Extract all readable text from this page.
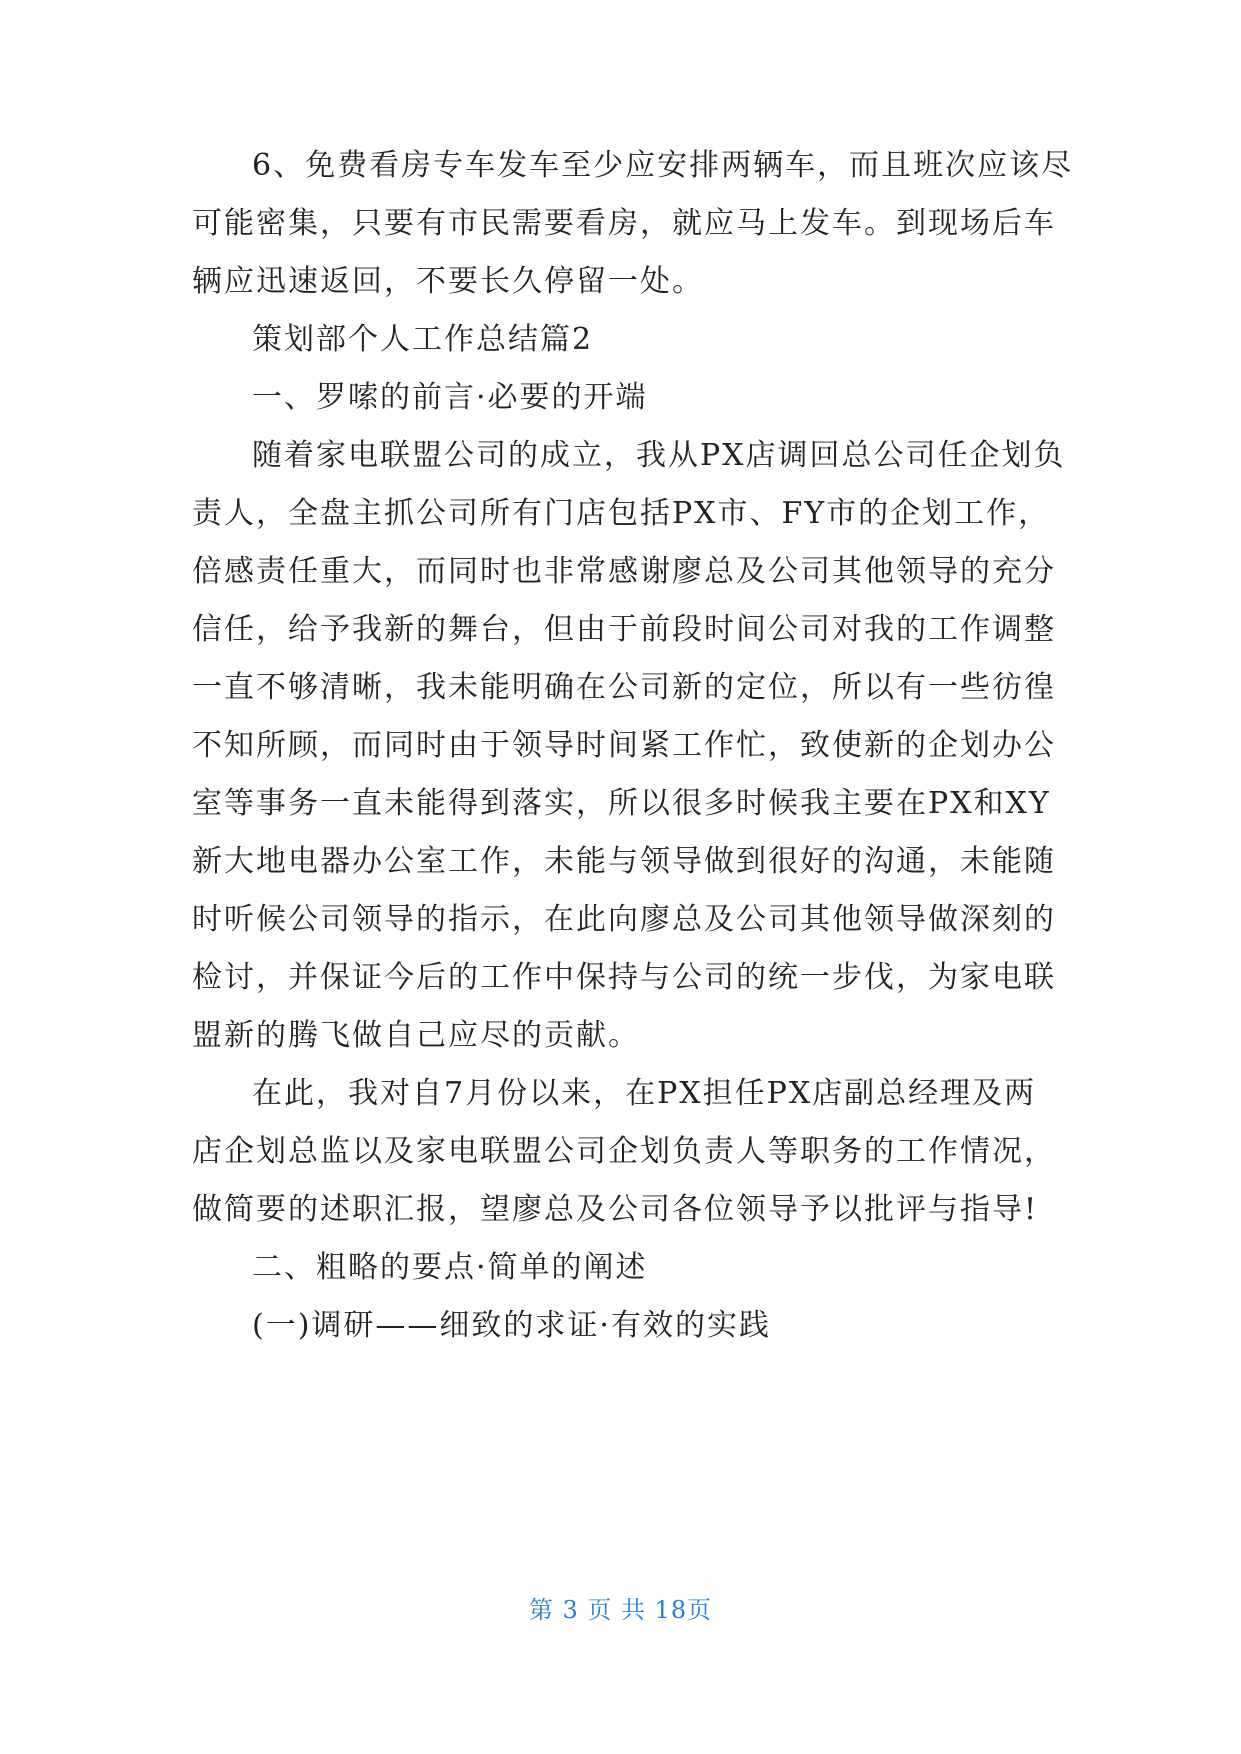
6、免费看房专车发车至少应安排两辆车，而且班次应该尽
可能密集，只要有市民需要看房，就应马上发车。到现场后车
辆应迅速返回，不要长久停留一处。
策划部个人工作总结篇2
一、罗嗦的前言·必要的开端
随着家电联盟公司的成立，我从PX店调回总公司任企划负
责人，全盘主抓公司所有门店包括PX市、FY市的企划工作，
倍感责任重大，而同时也非常感谢廖总及公司其他领导的充分
信任，给予我新的舞台，但由于前段时间公司对我的工作调整
一直不够清晰，我未能明确在公司新的定位，所以有一些彷徨
不知所顾，而同时由于领导时间紧工作忙，致使新的企划办公
室等事务一直未能得到落实，所以很多时候我主要在PX和XY
新大地电器办公室工作，未能与领导做到很好的沟通，未能随
时听候公司领导的指示，在此向廖总及公司其他领导做深刻的
检讨，并保证今后的工作中保持与公司的统一步伐，为家电联
盟新的腾飞做自己应尽的贡献。
在此，我对自7月份以来，在PX担任PX店副总经理及两
店企划总监以及家电联盟公司企划负责人等职务的工作情况，
做简要的述职汇报，望廖总及公司各位领导予以批评与指导!
二、粗略的要点·简单的阐述
(一)调研——细致的求证·有效的实践
第 3 页 共 18页
